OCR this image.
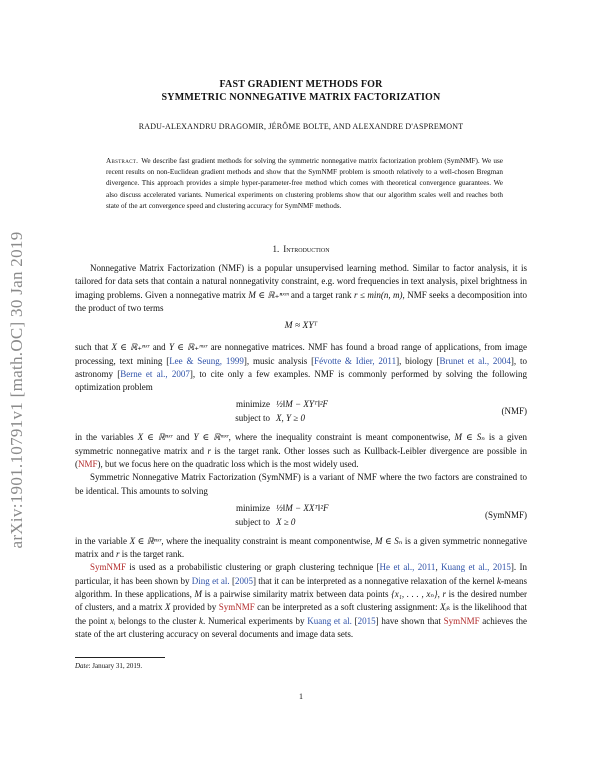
arXiv:1901.10791v1 [math.OC] 30 Jan 2019
FAST GRADIENT METHODS FOR
SYMMETRIC NONNEGATIVE MATRIX FACTORIZATION
RADU-ALEXANDRU DRAGOMIR, JÉRÔME BOLTE, AND ALEXANDRE D'ASPREMONT
Abstract. We describe fast gradient methods for solving the symmetric nonnegative matrix factorization problem (SymNMF). We use recent results on non-Euclidean gradient methods and show that the SymNMF problem is smooth relatively to a well-chosen Bregman divergence. This approach provides a simple hyper-parameter-free method which comes with theoretical convergence guarantees. We also discuss accelerated variants. Numerical experiments on clustering problems show that our algorithm scales well and reaches both state of the art convergence speed and clustering accuracy for SymNMF methods.
1. Introduction

Nonnegative Matrix Factorization (NMF) is a popular unsupervised learning method. Similar to factor analysis, it is tailored for data sets that contain a natural nonnegativity constraint, e.g. word frequencies in text analysis, pixel brightness in imaging problems. Given a nonnegative matrix M ∈ ℝ₊ⁿˣᵐ and a target rank r ≤ min(n, m), NMF seeks a decomposition into the product of two terms

M ≈ XYᵀ

such that X ∈ ℝ₊ⁿˣʳ and Y ∈ ℝ₊ᵐˣʳ are nonnegative matrices. NMF has found a broad range of applications, from image processing, text mining [Lee & Seung, 1999], music analysis [Févotte & Idier, 2011], biology [Brunet et al., 2004], to astronomy [Berne et al., 2007], to cite only a few examples. NMF is commonly performed by solving the following optimization problem

minimize ½‖M − XYᵀ‖²F
subject to X, Y ≥ 0
(NMF)

in the variables X ∈ ℝⁿˣʳ and Y ∈ ℝᵐˣʳ, where the inequality constraint is meant componentwise, M ∈ Sₙ is a given symmetric nonnegative matrix and r is the target rank. Other losses such as Kullback-Leibler divergence are possible in (NMF), but we focus here on the quadratic loss which is the most widely used.

Symmetric Nonnegative Matrix Factorization (SymNMF) is a variant of NMF where the two factors are constrained to be identical. This amounts to solving

minimize ½‖M − XXᵀ‖²F
subject to X ≥ 0
(SymNMF)

in the variable X ∈ ℝⁿˣʳ, where the inequality constraint is meant componentwise, M ∈ Sₙ is a given symmetric nonnegative matrix and r is the target rank.

SymNMF is used as a probabilistic clustering or graph clustering technique [He et al., 2011, Kuang et al., 2015]. In particular, it has been shown by Ding et al. [2005] that it can be interpreted as a nonnegative relaxation of the kernel k-means algorithm. In these applications, M is a pairwise similarity matrix between data points {x₁, . . . , xₙ}, r is the desired number of clusters, and a matrix X provided by SymNMF can be interpreted as a soft clustering assignment: Xᵢₖ is the likelihood that the point xᵢ belongs to the cluster k. Numerical experiments by Kuang et al. [2015] have shown that SymNMF achieves the state of the art clustering accuracy on several documents and image data sets.

Date: January 31, 2019.
1
